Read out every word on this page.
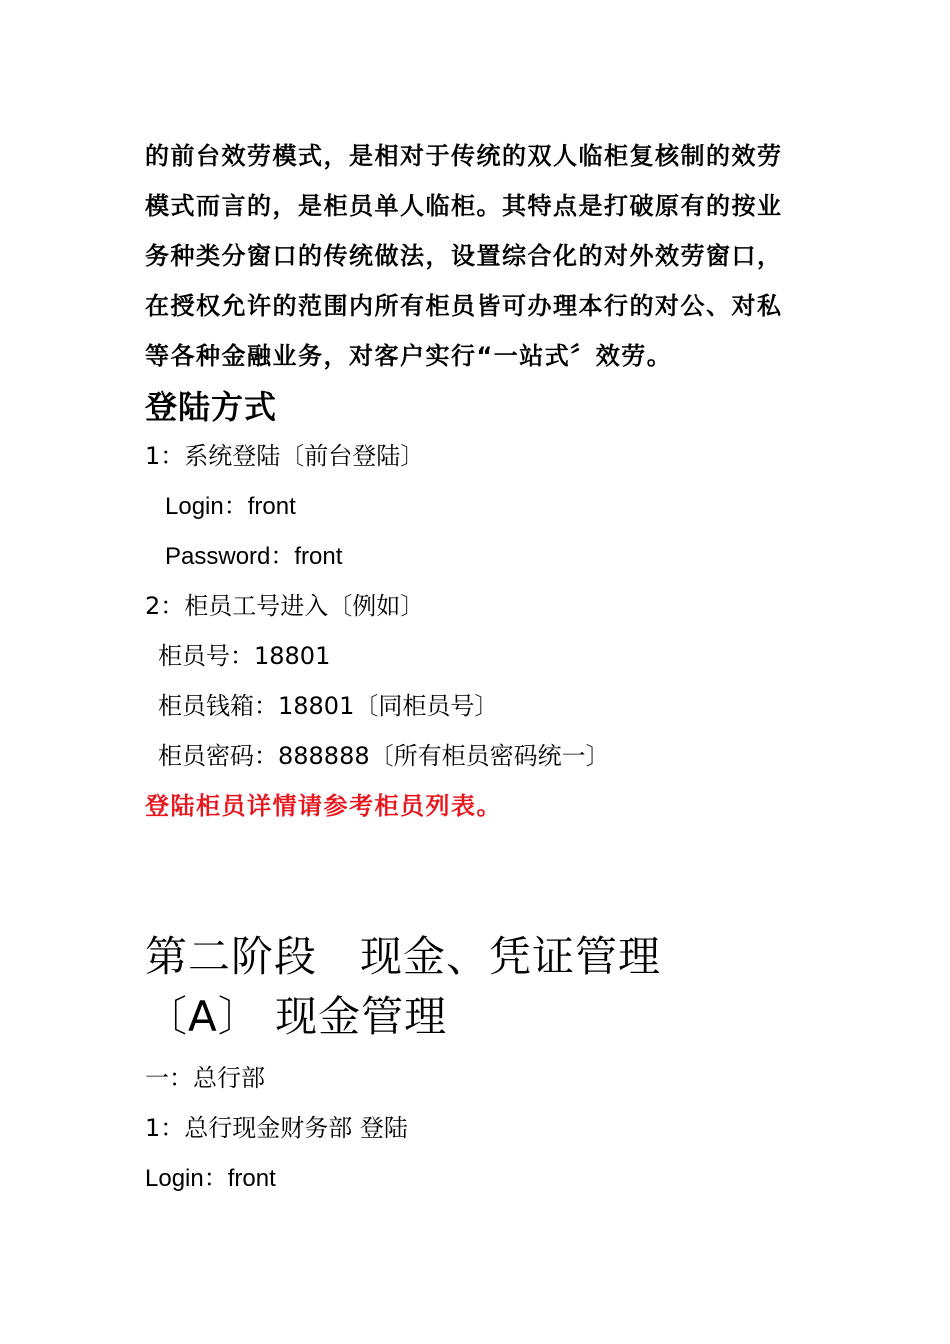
的前台效劳模式，是相对于传统的双人临柜复核制的效劳
模式而言的，是柜员单人临柜。其特点是打破原有的按业
务种类分窗口的传统做法，设置综合化的对外效劳窗口，
在授权允许的范围内所有柜员皆可办理本行的对公、对私
等各种金融业务，对客户实行“一站式〞效劳。
登陆方式
1：系统登陆〔前台登陆〕
Login：front
Password：front
2：柜员工号进入〔例如〕
柜员号：18801
柜员钱箱：18801〔同柜员号〕
柜员密码：888888〔所有柜员密码统一〕
登陆柜员详情请参考柜员列表。
第二阶段　现金、凭证管理
〔A〕 现金管理
一：总行部
1：总行现金财务部 登陆
Login：front
